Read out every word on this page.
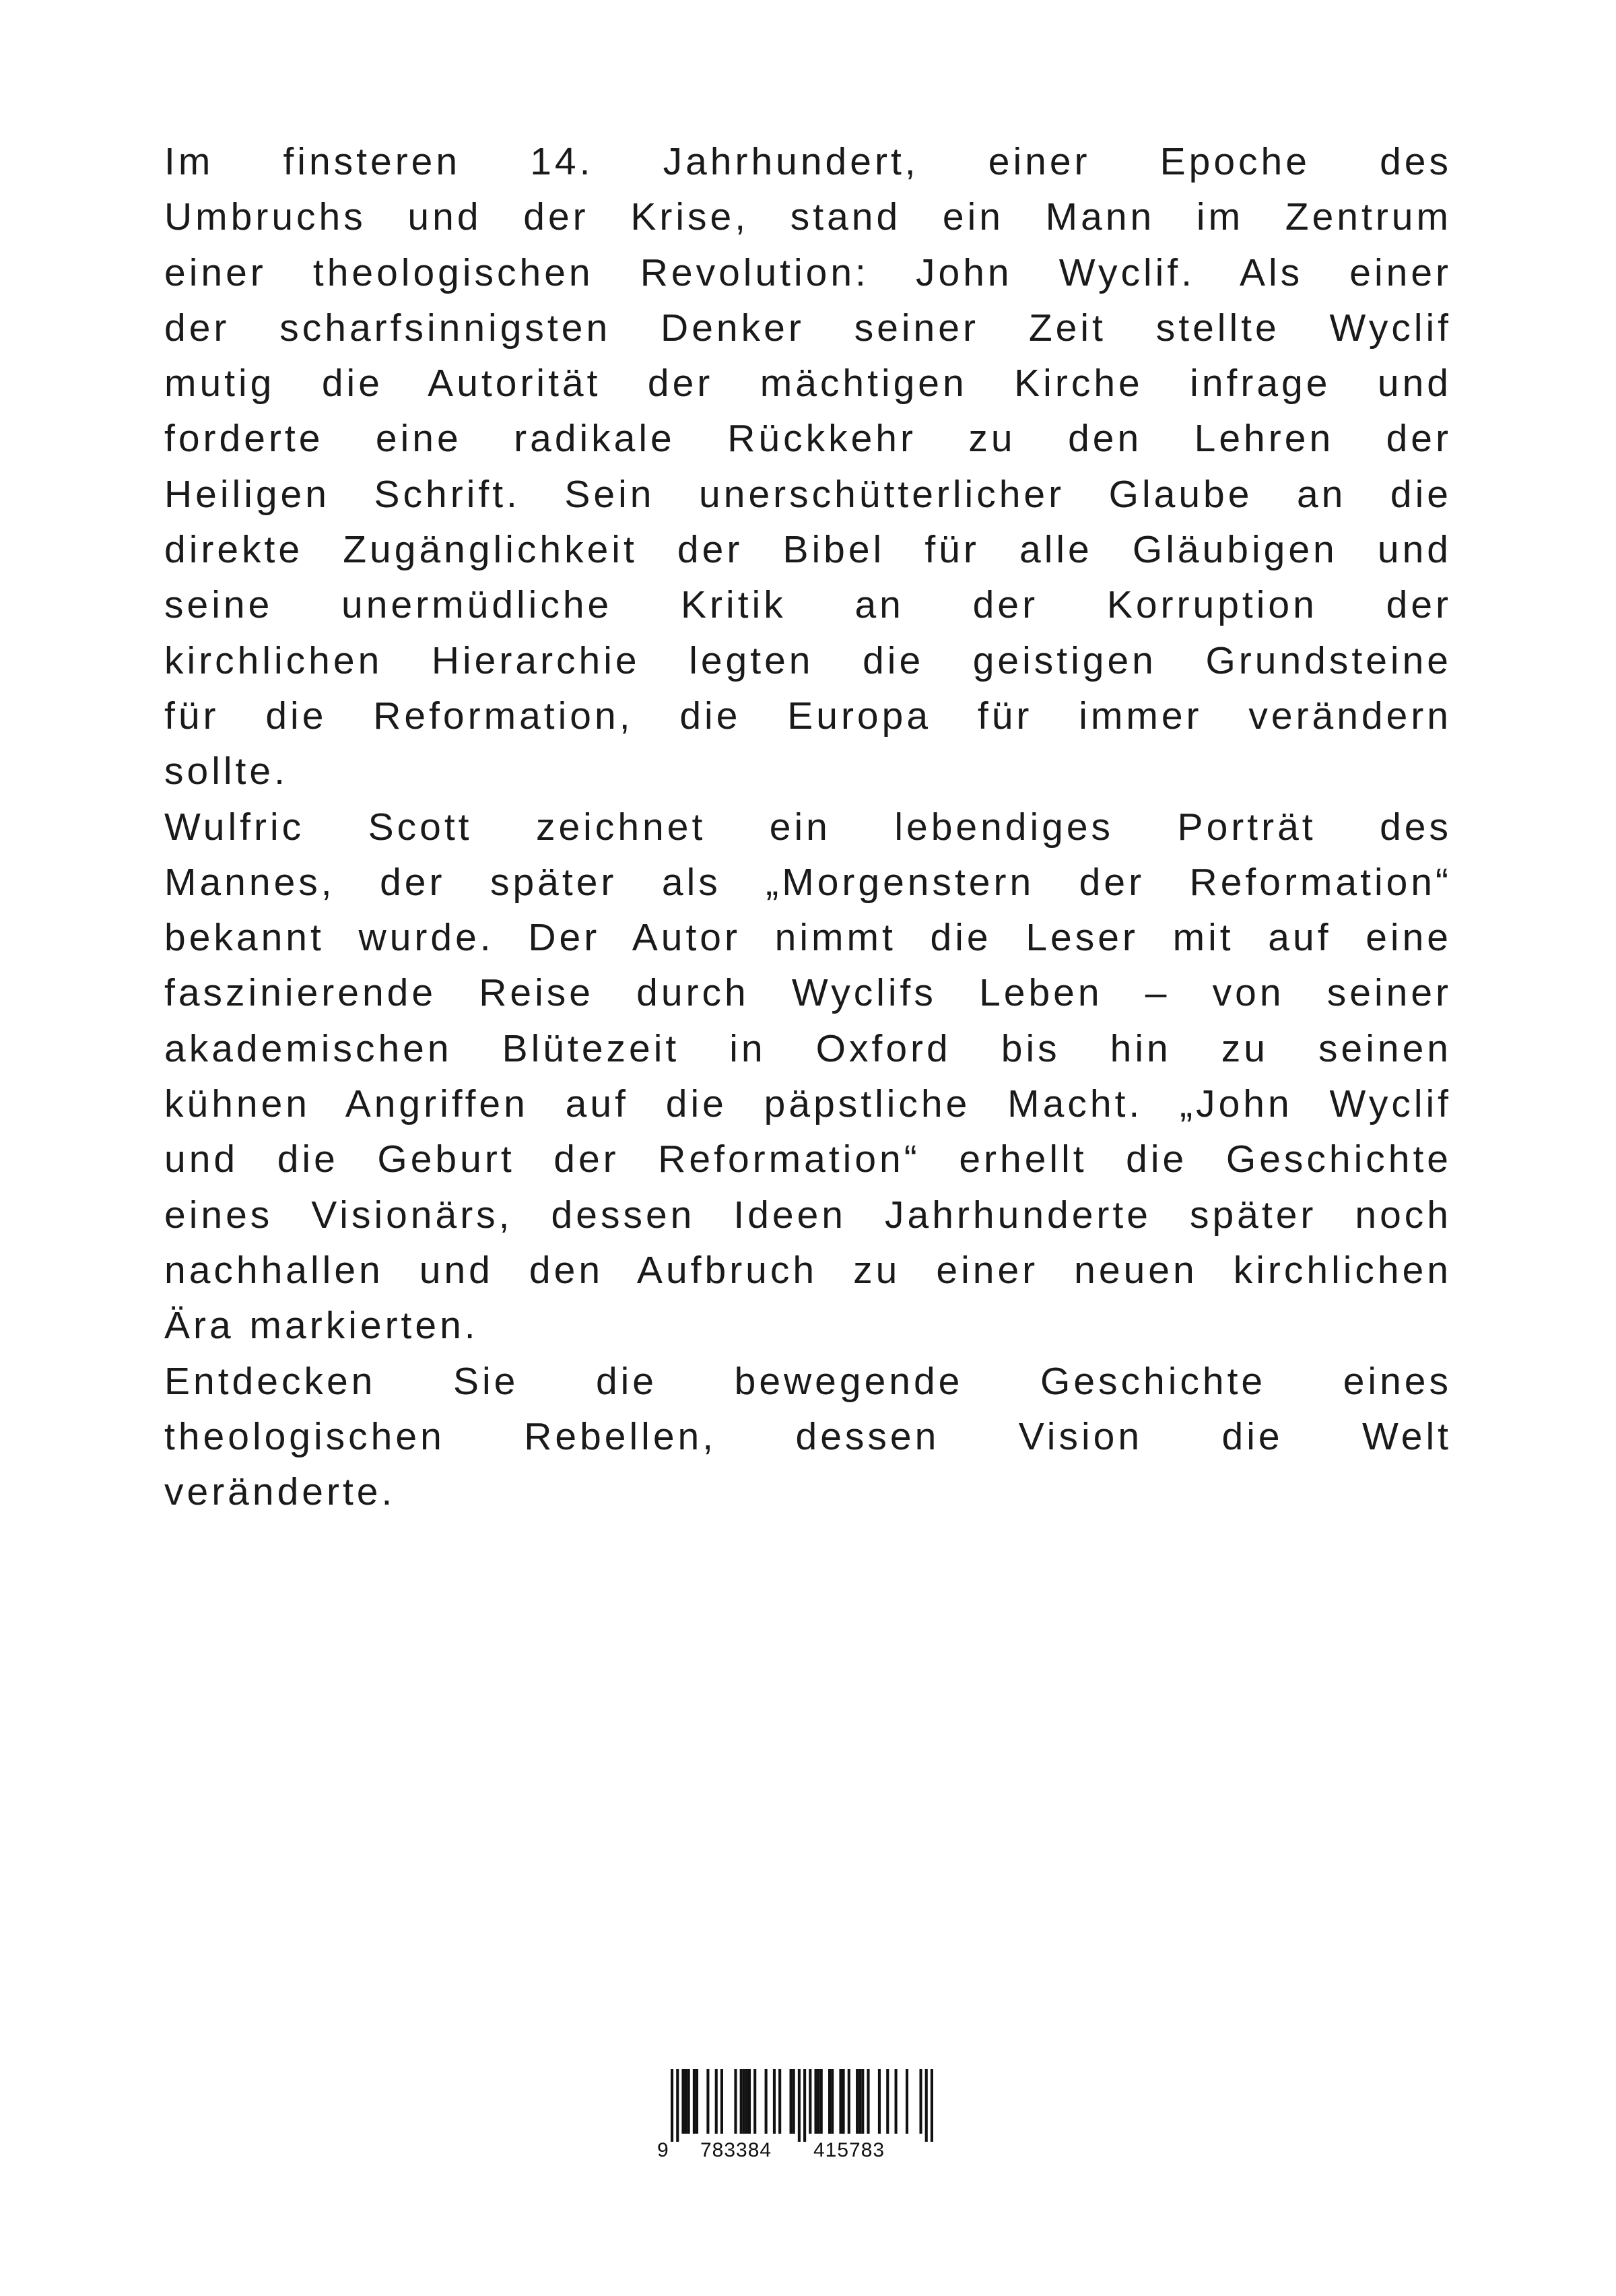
Im finsteren 14. Jahrhundert, einer Epoche des
Umbruchs und der Krise, stand ein Mann im Zentrum
einer theologischen Revolution: John Wyclif. Als einer
der scharfsinnigsten Denker seiner Zeit stellte Wyclif
mutig die Autorität der mächtigen Kirche infrage und
forderte eine radikale Rückkehr zu den Lehren der
Heiligen Schrift. Sein unerschütterlicher Glaube an die
direkte Zugänglichkeit der Bibel für alle Gläubigen und
seine unermüdliche Kritik an der Korruption der
kirchlichen Hierarchie legten die geistigen Grundsteine
für die Reformation, die Europa für immer verändern
sollte.

Wulfric Scott zeichnet ein lebendiges Porträt des
Mannes, der später als „Morgenstern der Reformation“
bekannt wurde. Der Autor nimmt die Leser mit auf eine
faszinierende Reise durch Wyclifs Leben – von seiner
akademischen Blütezeit in Oxford bis hin zu seinen
kühnen Angriffen auf die päpstliche Macht. „John Wyclif
und die Geburt der Reformation“ erhellt die Geschichte
eines Visionärs, dessen Ideen Jahrhunderte später noch
nachhallen und den Aufbruch zu einer neuen kirchlichen
Ära markierten.

Entdecken Sie die bewegende Geschichte eines
theologischen Rebellen, dessen Vision die Welt
veränderte.

9 783384 415783
